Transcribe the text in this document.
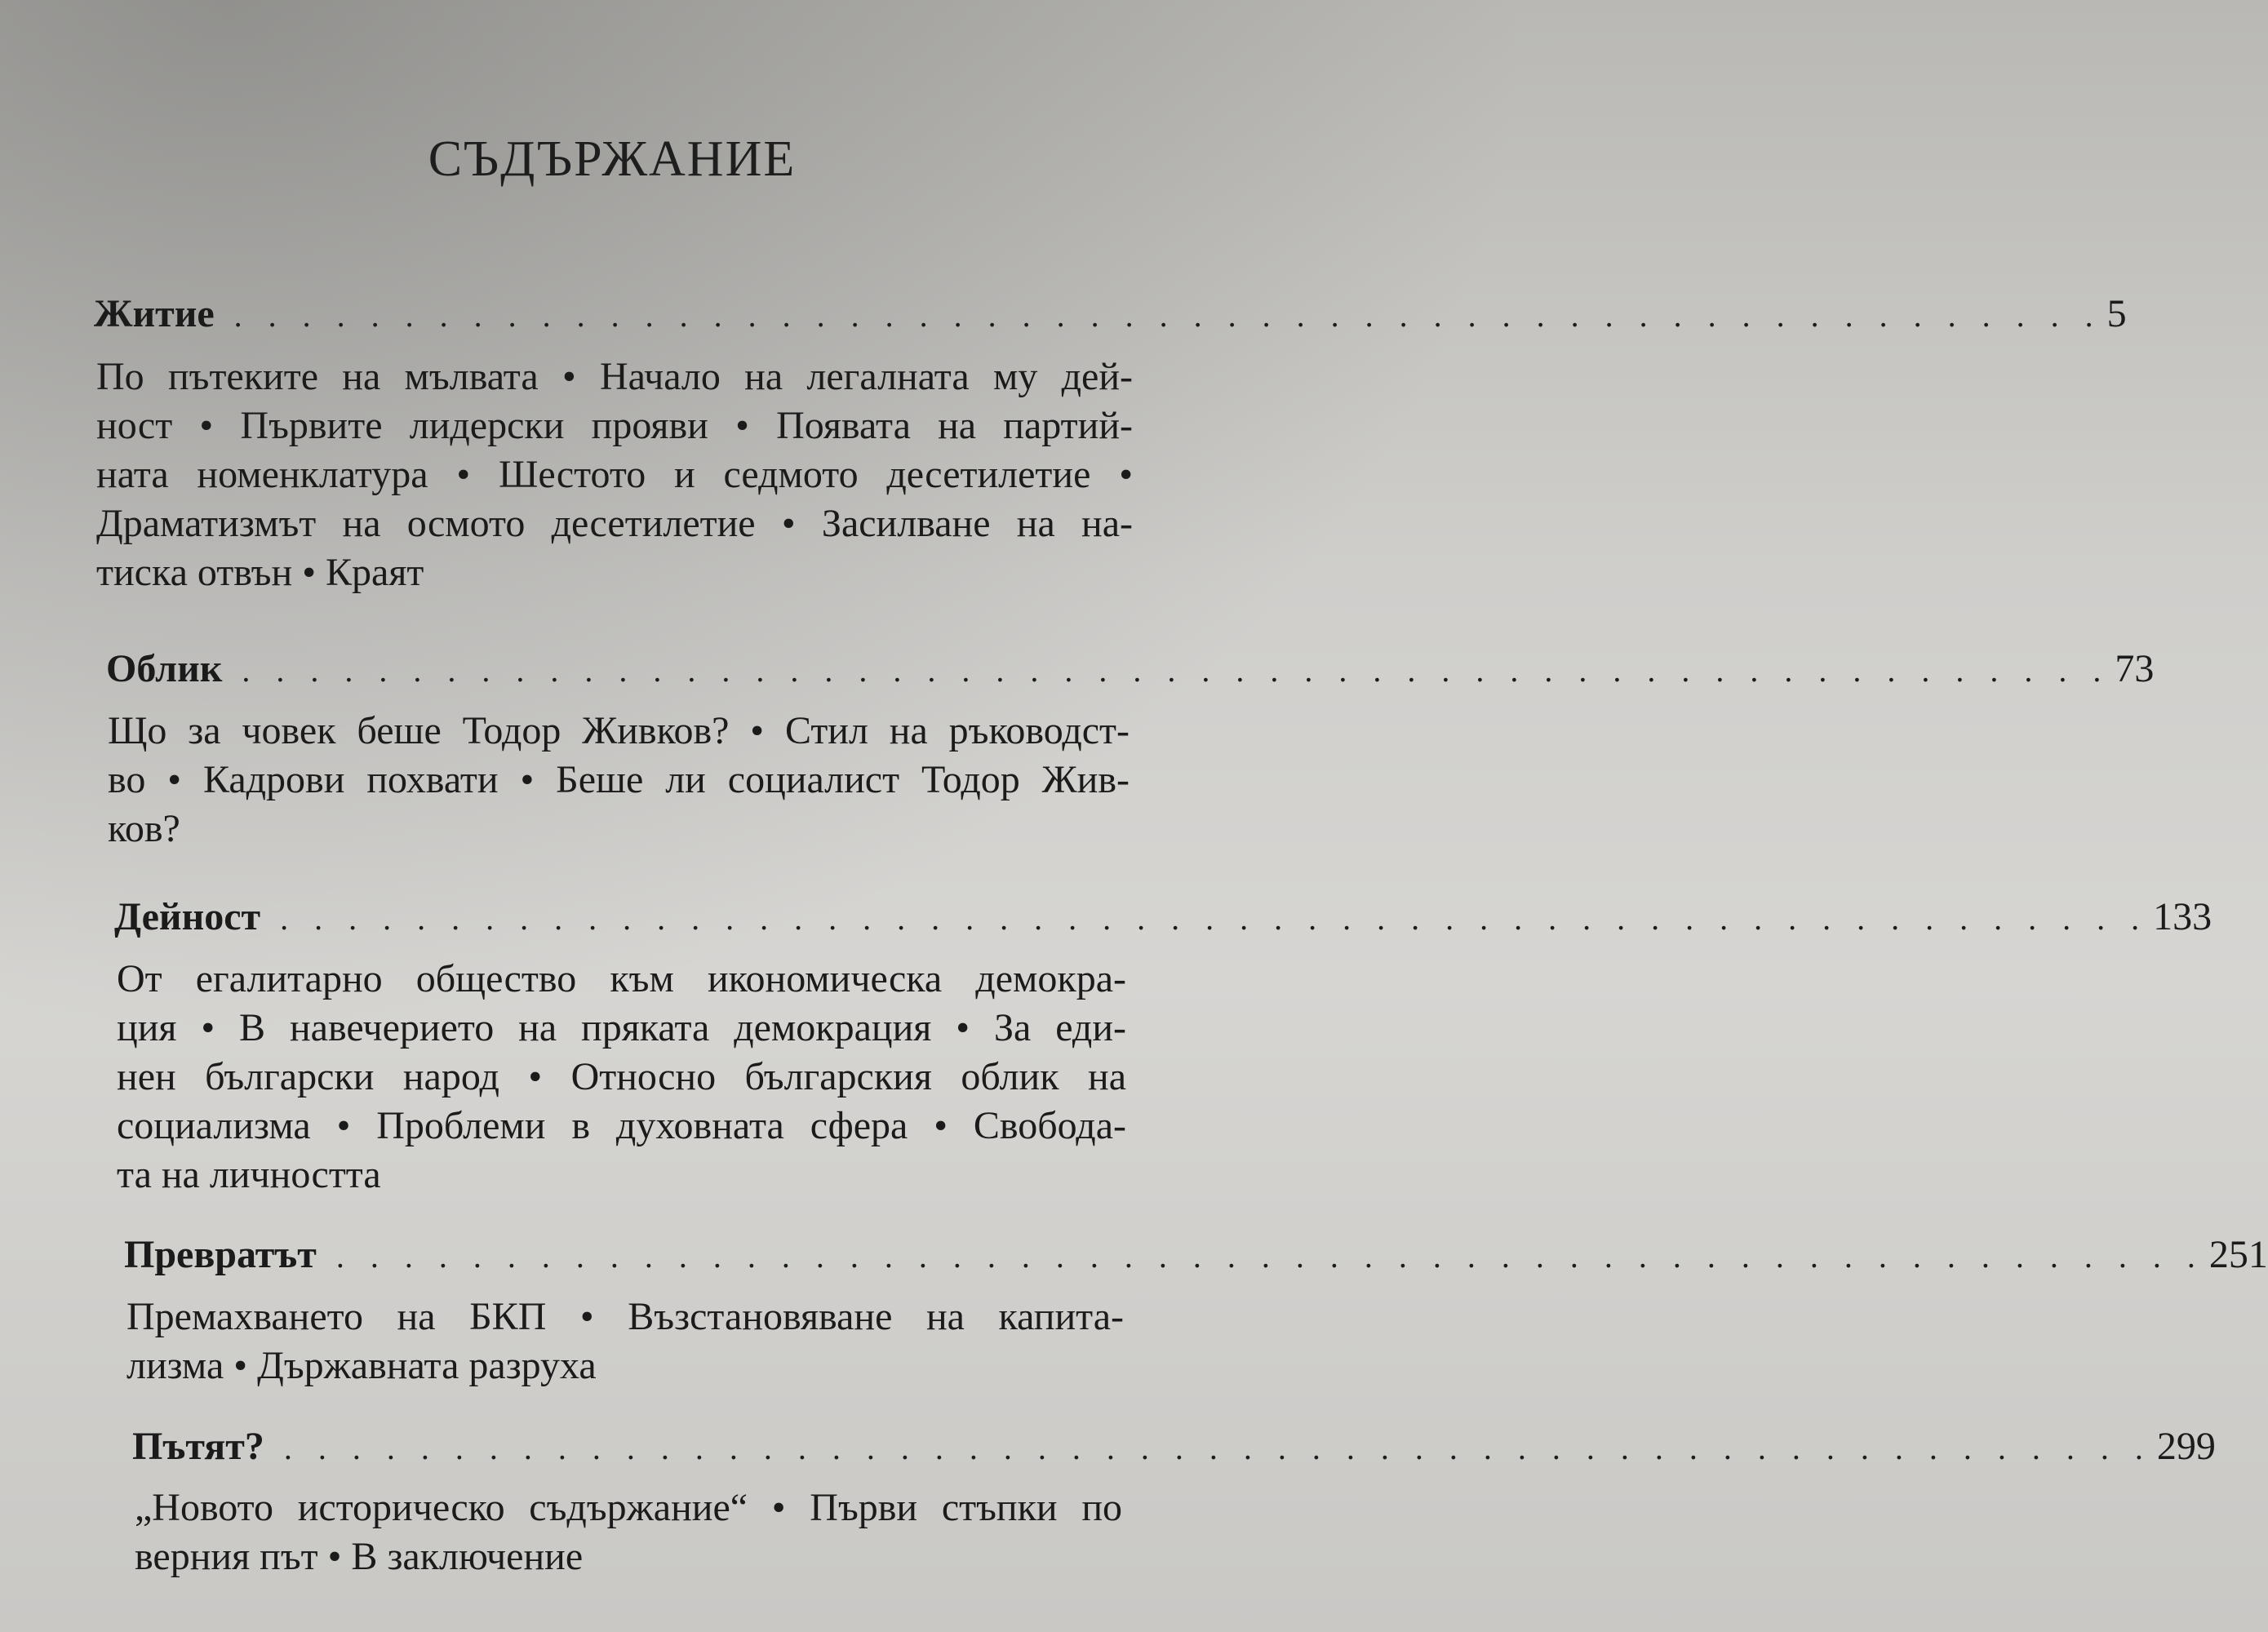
СЪДЪРЖАНИЕ
Житие . . . . . . . . . . . . . . . . . . . . . . . . . . . . . . . . . . . . . . . . . . . . . . . . . . . . . . . 5
По пътеките на мълвата • Начало на легалната му дей-
ност • Първите лидерски прояви • Появата на партий-
ната номенклатура • Шестото и седмото десетилетие •
Драматизмът на осмото десетилетие • Засилване на на-
тиска отвън • Краят
Облик . . . . . . . . . . . . . . . . . . . . . . . . . . . . . . . . . . . . . . . . . . . . . . . . . . . . . . . 73
Що за човек беше Тодор Живков? • Стил на ръководст-
во • Кадрови похвати • Беше ли социалист Тодор Жив-
ков?
Дейност . . . . . . . . . . . . . . . . . . . . . . . . . . . . . . . . . . . . . . . . . . . . . . . . . . . . . . . 133
От егалитарно общество към икономическа демокра-
ция • В навечерието на пряката демокрация • За еди-
нен български народ • Относно българския облик на
социализма • Проблеми в духовната сфера • Свобода-
та на личността
Превратът . . . . . . . . . . . . . . . . . . . . . . . . . . . . . . . . . . . . . . . . . . . . . . . . . . . . . . . 251
Премахването на БКП • Възстановяване на капита-
лизма • Държавната разруха
Пътят? . . . . . . . . . . . . . . . . . . . . . . . . . . . . . . . . . . . . . . . . . . . . . . . . . . . . . . . 299
„Новото историческо съдържание“ • Първи стъпки по
верния път • В заключение
